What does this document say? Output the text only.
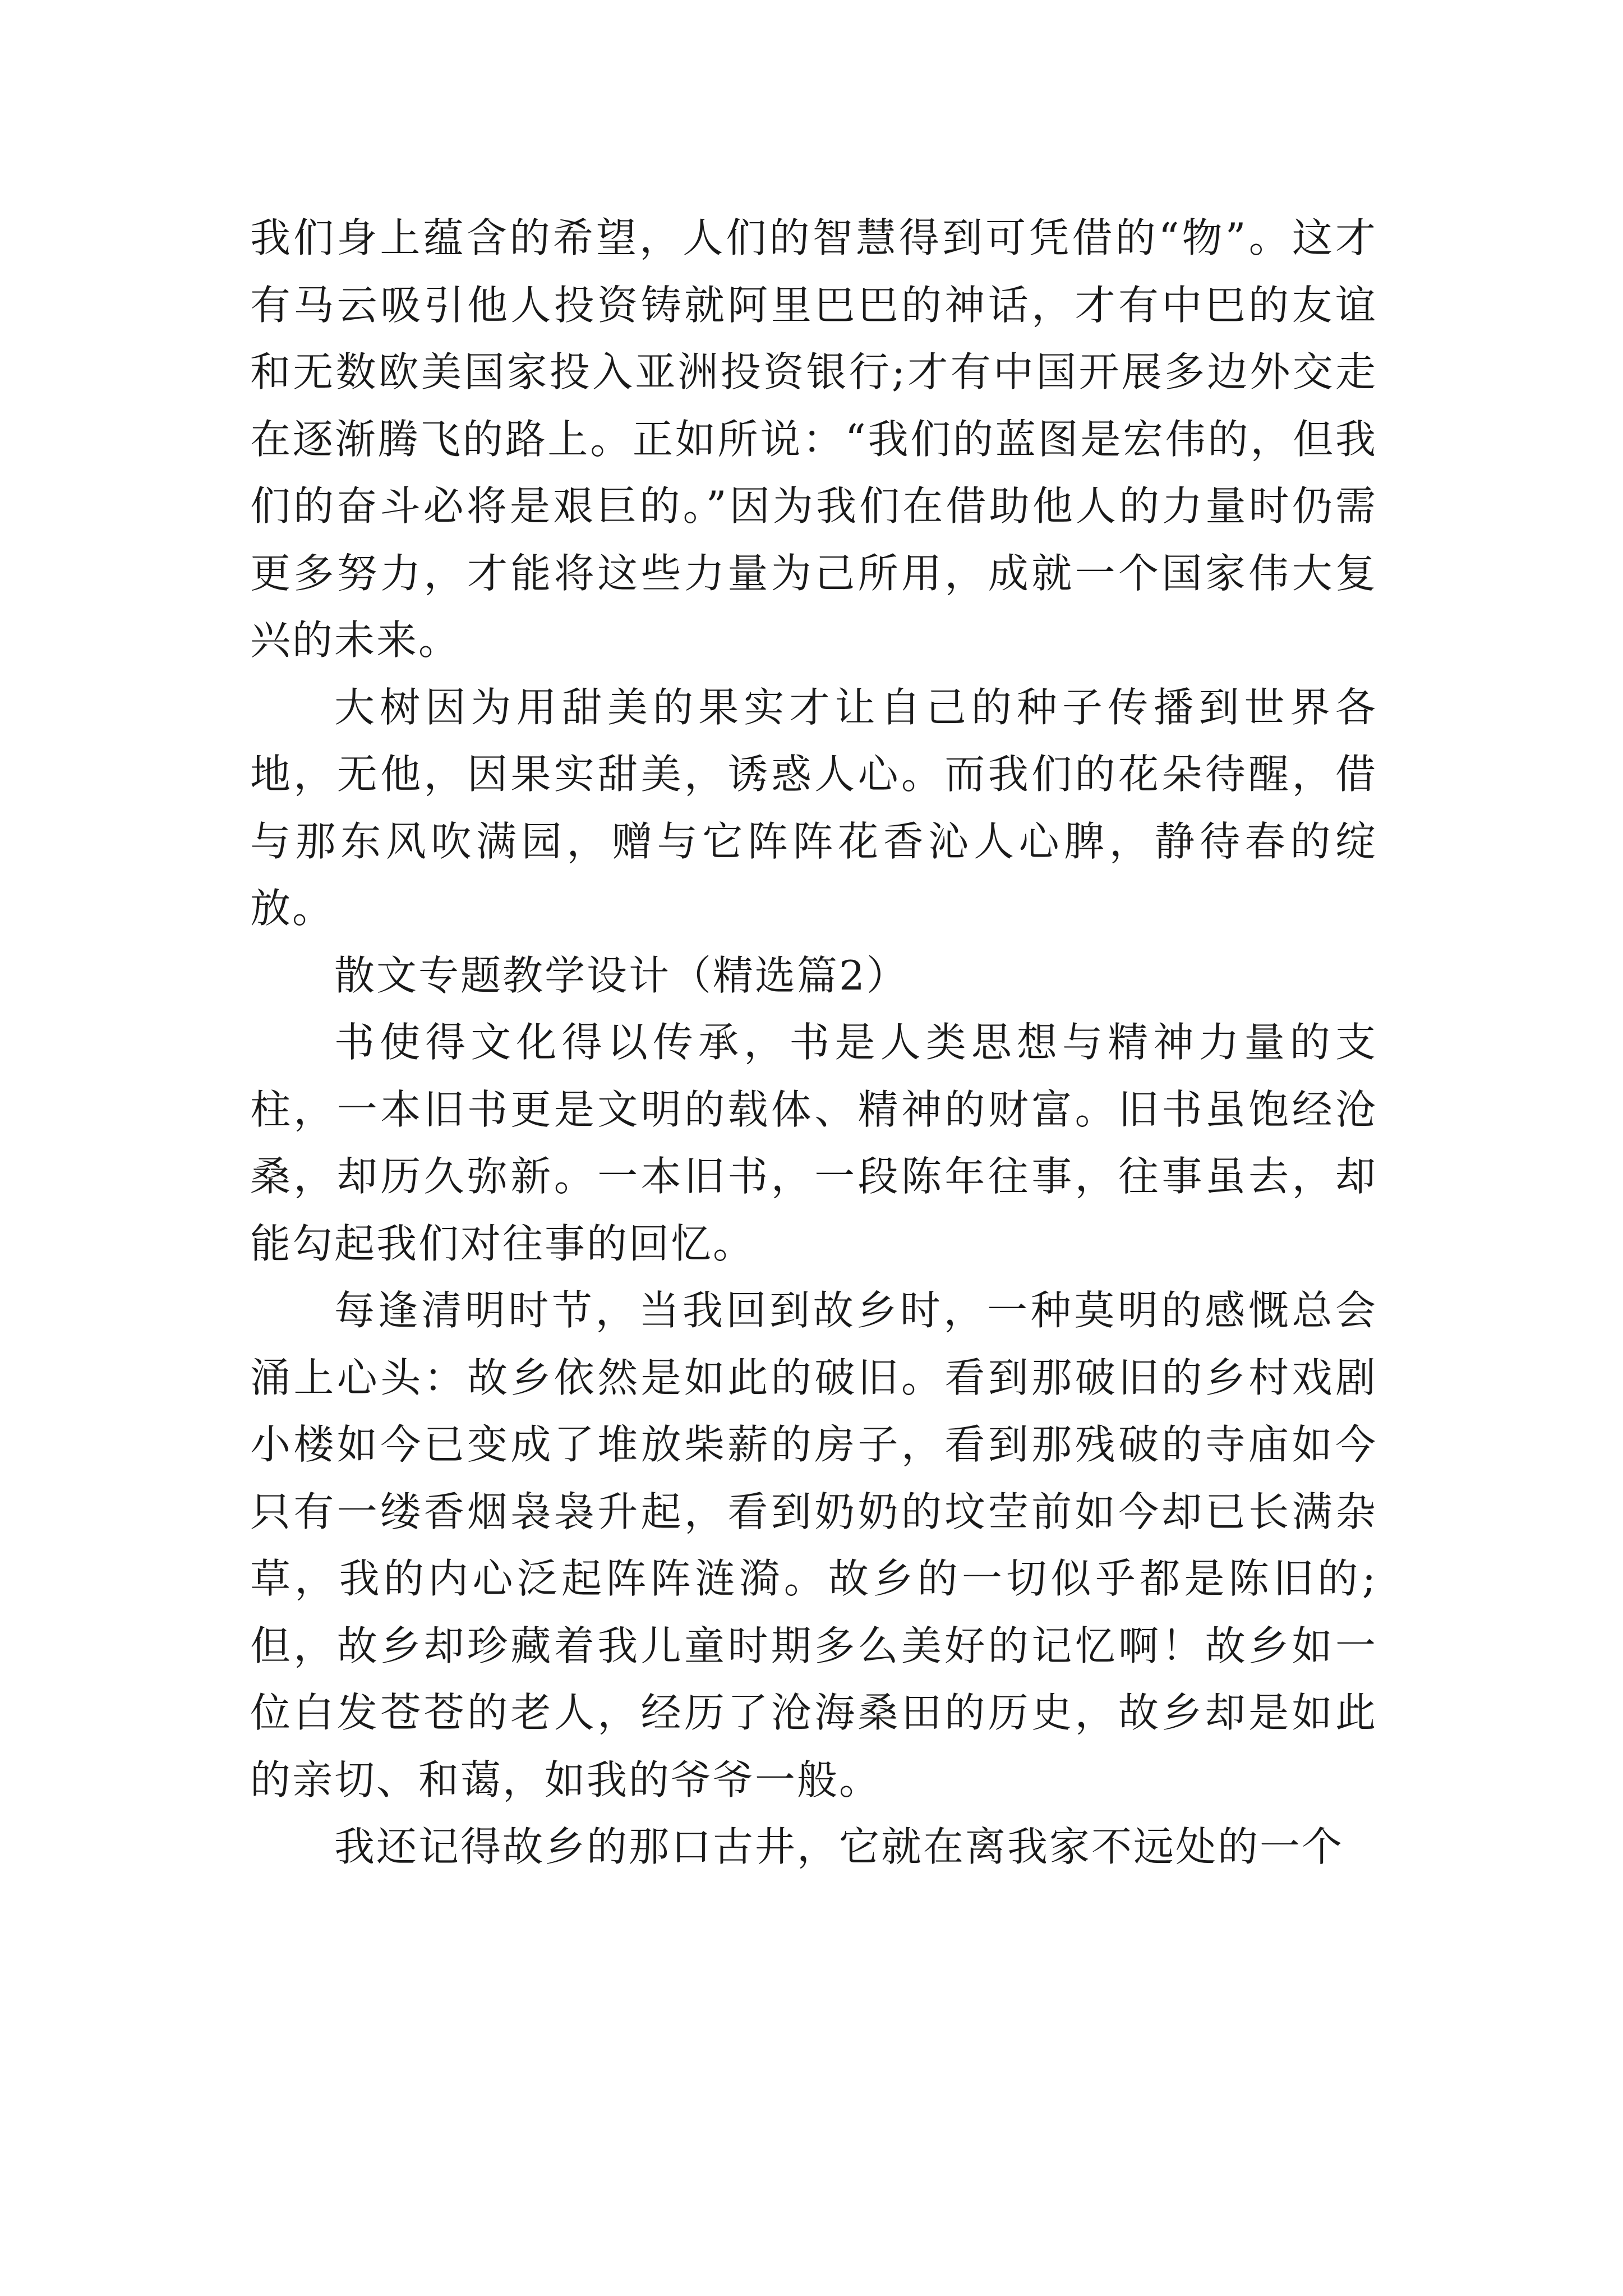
我们身上蕴含的希望，人们的智慧得到可凭借的“物”。这才有马云吸引他人投资铸就阿里巴巴的神话，才有中巴的友谊和无数欧美国家投入亚洲投资银行;才有中国开展多边外交走在逐渐腾飞的路上。正如所说：“我们的蓝图是宏伟的，但我们的奋斗必将是艰巨的。”因为我们在借助他人的力量时仍需更多努力，才能将这些力量为己所用，成就一个国家伟大复兴的未来。

大树因为用甜美的果实才让自己的种子传播到世界各地，无他，因果实甜美，诱惑人心。而我们的花朵待醒，借与那东风吹满园，赠与它阵阵花香沁人心脾，静待春的绽放。

散文专题教学设计（精选篇2）

书使得文化得以传承，书是人类思想与精神力量的支柱，一本旧书更是文明的载体、精神的财富。旧书虽饱经沧桑，却历久弥新。一本旧书，一段陈年往事，往事虽去，却能勾起我们对往事的回忆。

每逢清明时节，当我回到故乡时，一种莫明的感慨总会涌上心头：故乡依然是如此的破旧。看到那破旧的乡村戏剧小楼如今已变成了堆放柴薪的房子，看到那残破的寺庙如今只有一缕香烟袅袅升起，看到奶奶的坟茔前如今却已长满杂草，我的内心泛起阵阵涟漪。故乡的一切似乎都是陈旧的;但，故乡却珍藏着我儿童时期多么美好的记忆啊！故乡如一位白发苍苍的老人，经历了沧海桑田的历史，故乡却是如此的亲切、和蔼，如我的爷爷一般。

我还记得故乡的那口古井，它就在离我家不远处的一个
